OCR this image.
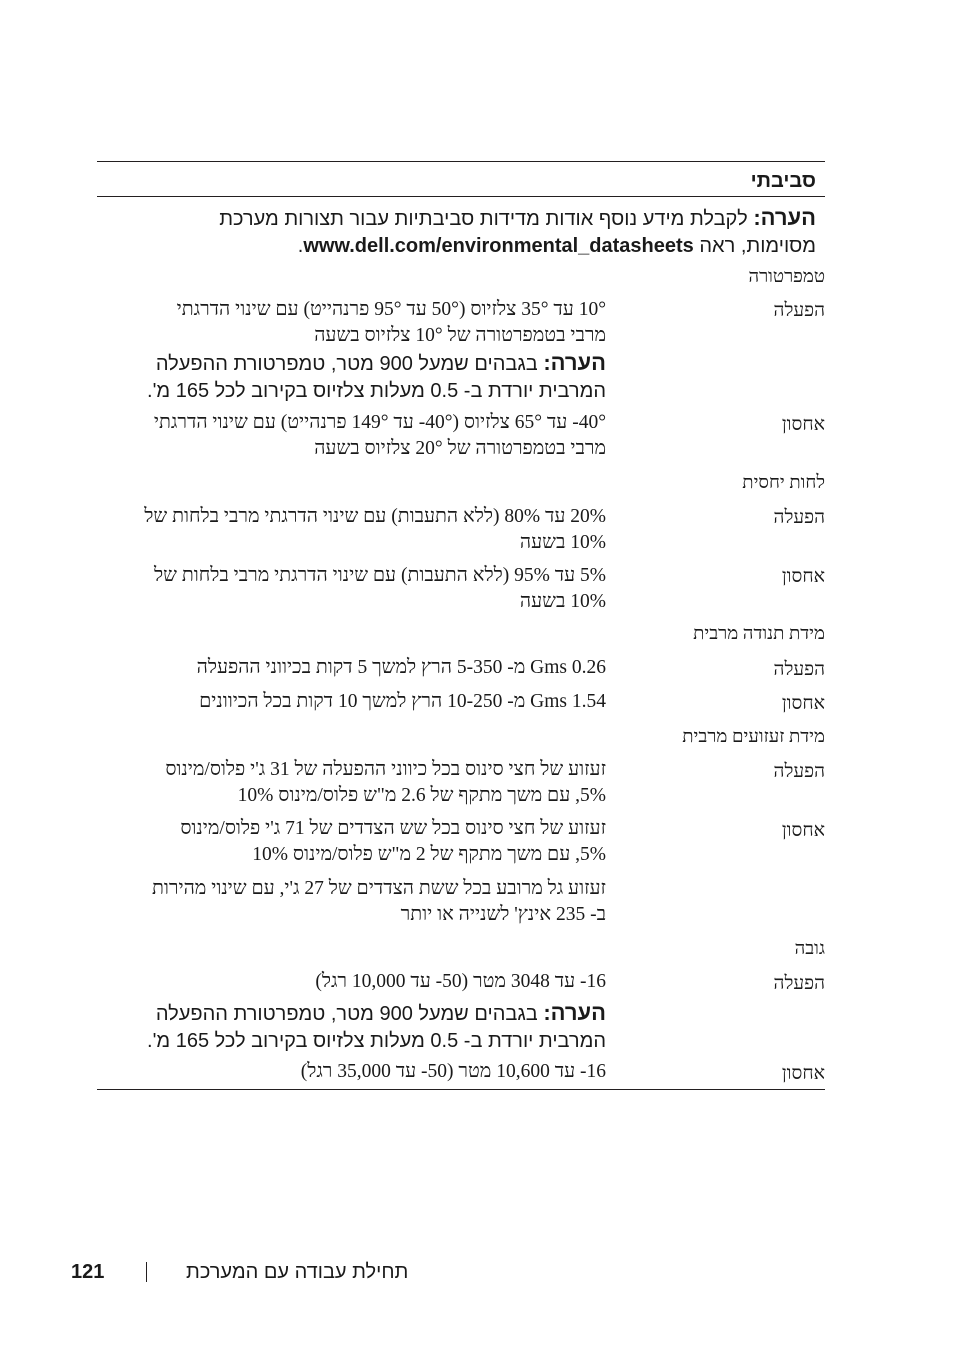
סביבתי
הערה: לקבלת מידע נוסף אודות מדידות סביבתיות עבור תצורות מערכת
מסוימות, ראה www.dell.com/environmental_datasheets.
טמפרטורה
הפעלה
10° עד 35° צלזיוס (50° עד 95° פרנהייט) עם שינוי הדרגתי
מרבי בטמפרטורה של 10° צלזיוס בשעה
הערה: בגבהים שמעל 900 מטר, טמפרטורת ההפעלה
המרבית יורדת ב- 0.5 מעלות צלזיוס בקירוב לכל 165 מ'.
אחסון
‎-40°‎ עד 65° צלזיוס (‎-40°‎ עד 149° פרנהייט) עם שינוי הדרגתי
מרבי בטמפרטורה של 20° צלזיוס בשעה
לחות יחסית
הפעלה
20% עד 80% (ללא התעבות) עם שינוי הדרגתי מרבי בלחות של
10% בשעה
אחסון
5% עד 95% (ללא התעבות) עם שינוי הדרגתי מרבי בלחות של
10% בשעה
מידת תנודה מרבית
הפעלה
0.26 Gms מ- 5-350 הרץ למשך 5 דקות בכיווני ההפעלה
אחסון
1.54 Gms מ- 10-250 הרץ למשך 10 דקות בכל הכיוונים
מידת זעזועים מרבית
הפעלה
זעזוע של חצי סינוס בכל כיווני ההפעלה של 31 ג'י פלוס/מינוס
5%, עם משך מתקף של 2.6 מ"ש פלוס/מינוס 10%
אחסון
זעזוע של חצי סינוס בכל שש הצדדים של 71 ג'י פלוס/מינוס
5%, עם משך מתקף של 2 מ"ש פלוס/מינוס 10%
זעזוע גל מרובע בכל ששת הצדדים של 27 ג'י, עם שינוי מהירות
ב- 235 אינץ' לשנייה או יותר
גובה
הפעלה
‎-16‎ עד 3048 מטר (‎-50‎ עד 10,000 רגל)
הערה: בגבהים שמעל 900 מטר, טמפרטורת ההפעלה
המרבית יורדת ב- 0.5 מעלות צלזיוס בקירוב לכל 165 מ'.
אחסון
‎-16‎ עד 10,600 מטר (‎-50‎ עד 35,000 רגל)
תחילת עבודה עם המערכת
121
